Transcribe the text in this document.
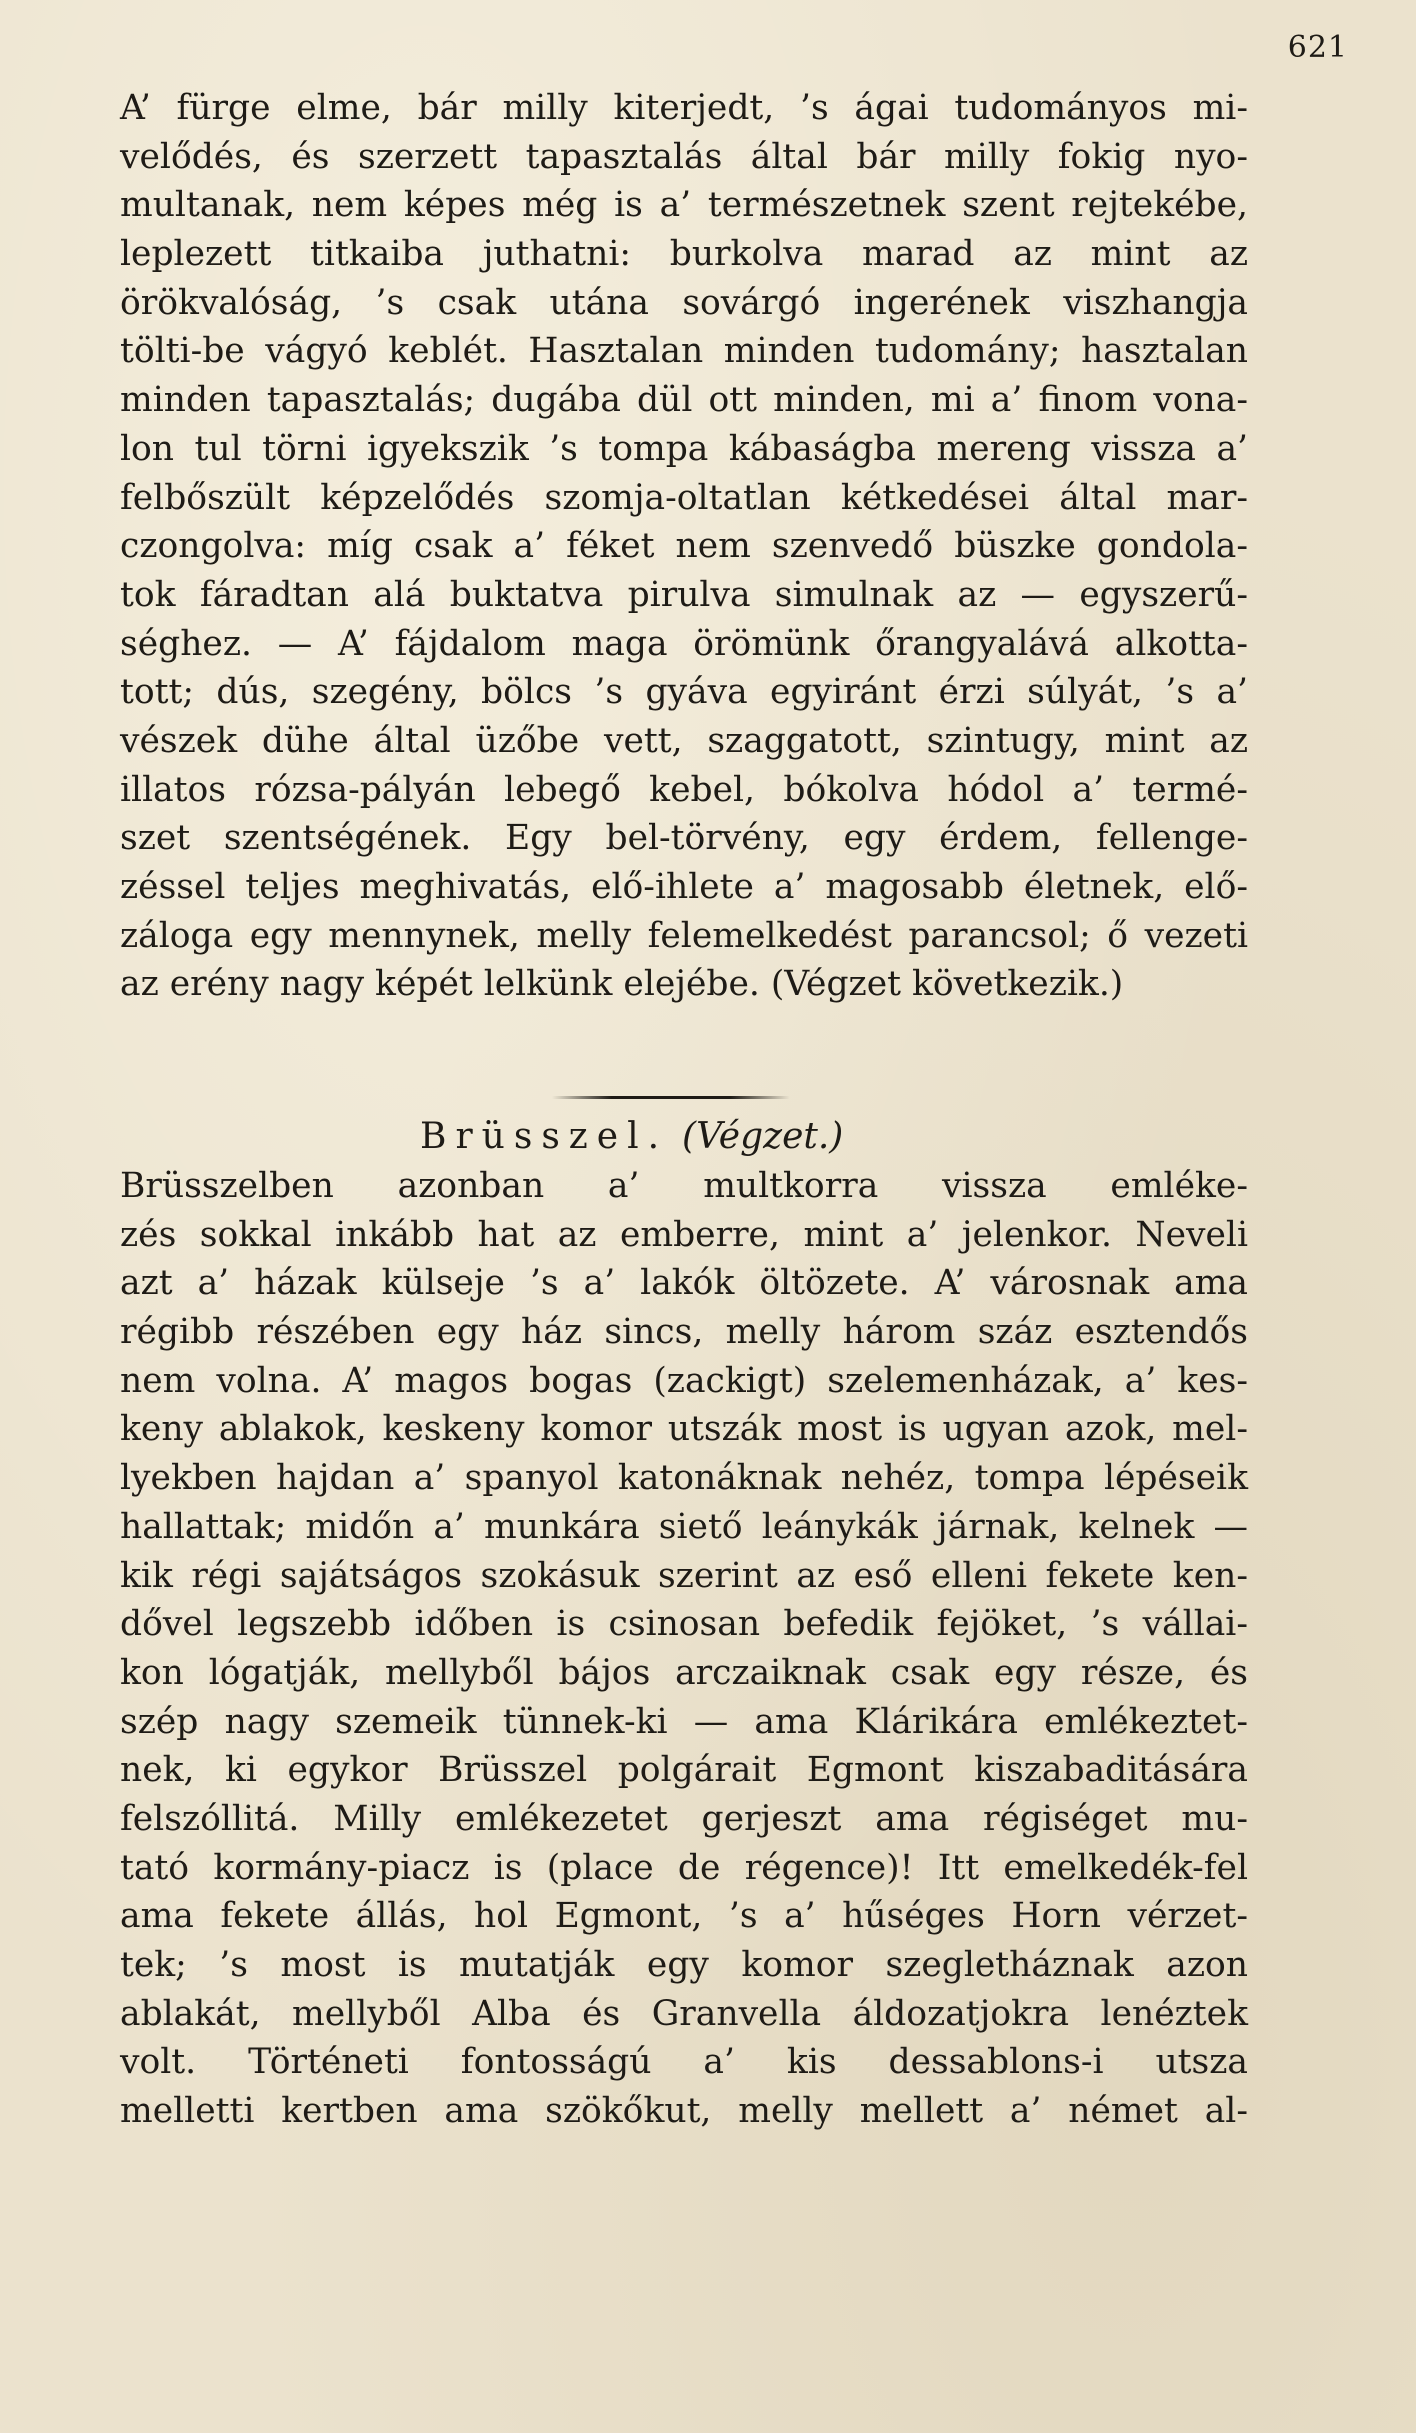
621
A’ fürge elme, bár milly kiterjedt, ’s ágai tudományos mi-
velődés, és szerzett tapasztalás által bár milly fokig nyo-
multanak, nem képes még is a’ természetnek szent rejtekébe,
leplezett titkaiba juthatni: burkolva marad az mint az
örökvalóság, ’s csak utána sovárgó ingerének viszhangja
tölti-be vágyó keblét. Hasztalan minden tudomány; hasztalan
minden tapasztalás; dugába dül ott minden, mi a’ finom vona-
lon tul törni igyekszik ’s tompa kábaságba mereng vissza a’
felbőszült képzelődés szomja-oltatlan kétkedései által mar-
czongolva: míg csak a’ féket nem szenvedő büszke gondola-
tok fáradtan alá buktatva pirulva simulnak az — egyszerű-
séghez. — A’ fájdalom maga örömünk őrangyalává alkotta-
tott; dús, szegény, bölcs ’s gyáva egyiránt érzi súlyát, ’s a’
vészek dühe által üzőbe vett, szaggatott, szintugy, mint az
illatos rózsa-pályán lebegő kebel, bókolva hódol a’ termé-
szet szentségének. Egy bel-törvény, egy érdem, fellenge-
zéssel teljes meghivatás, elő-ihlete a’ magosabb életnek, elő-
zálogа egy mennynek, melly felemelkedést parancsol; ő vezeti
az erény nagy képét lelkünk elejébe. (Végzet következik.)
Brüsszel. (Végzet.)
Brüsszelben azonban a’ multkorra vissza emléke-
zés sokkal inkább hat az emberre, mint a’ jelenkor. Neveli
azt a’ házak külseje ’s a’ lakók öltözete. A’ városnak ama
régibb részében egy ház sincs, melly három száz esztendős
nem volna. A’ magos bogas (zackigt) szelemenházak, a’ kes-
keny ablakok, keskeny komor utszák most is ugyan azok, mel-
lyekben hajdan a’ spanyol katonáknak nehéz, tompa lépéseik
hallattak; midőn a’ munkára siető leánykák járnak, kelnek —
kik régi sajátságos szokásuk szerint az eső elleni fekete ken-
dővel legszebb időben is csinosan befedik fejöket, ’s vállai-
kon lógatják, mellyből bájos arczaiknak csak egy része, és
szép nagy szemeik tünnek-ki — ama Klárikára emlékeztet-
nek, ki egykor Brüsszel polgárait Egmont kiszabaditására
felszóllitá. Milly emlékezetet gerjeszt ama régiséget mu-
tató kormány-piacz is (place de régence)! Itt emelkedék-fel
ama fekete állás, hol Egmont, ’s a’ hűséges Horn vérzet-
tek; ’s most is mutatják egy komor szegletháznak azon
ablakát, mellyből Alba és Granvella áldozatjokra lenéztek
volt. Történeti fontosságú a’ kis dessablons-i utsza
melletti kertben ama szökőkut, melly mellett a’ német al-
